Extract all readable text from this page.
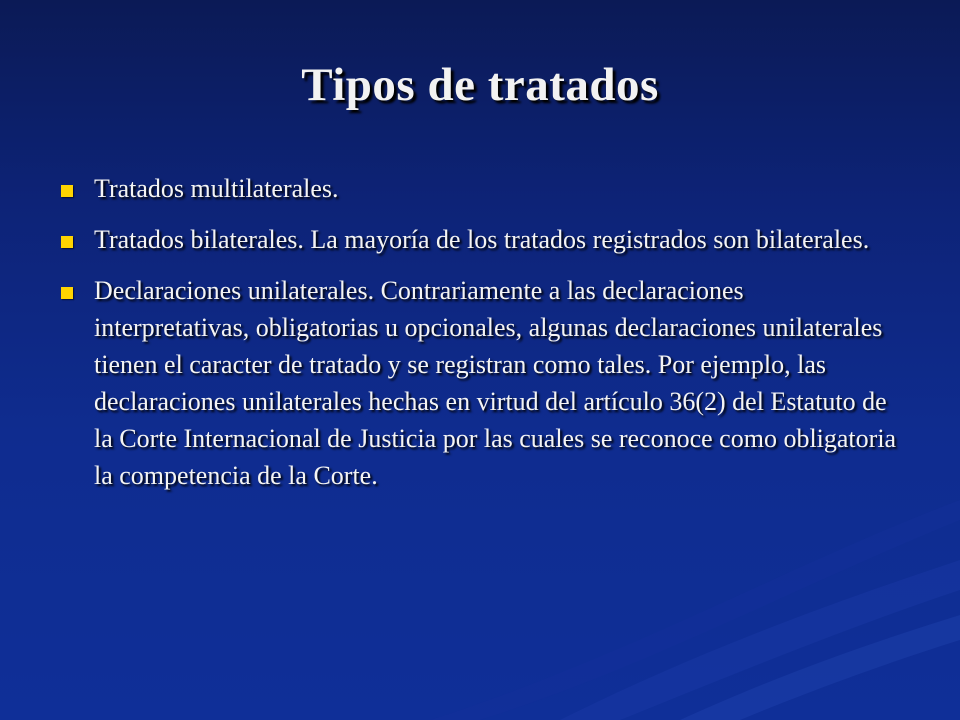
Tipos de tratados
Tratados multilaterales.
Tratados bilaterales. La mayoría de los tratados registrados son bilaterales.
Declaraciones unilaterales. Contrariamente a las declaraciones interpretativas, obligatorias u opcionales, algunas declaraciones unilaterales tienen el caracter de tratado y se registran como tales. Por ejemplo, las declaraciones unilaterales hechas en virtud del artículo 36(2) del Estatuto de la Corte Internacional de Justicia por las cuales se reconoce como obligatoria la competencia de la Corte.
